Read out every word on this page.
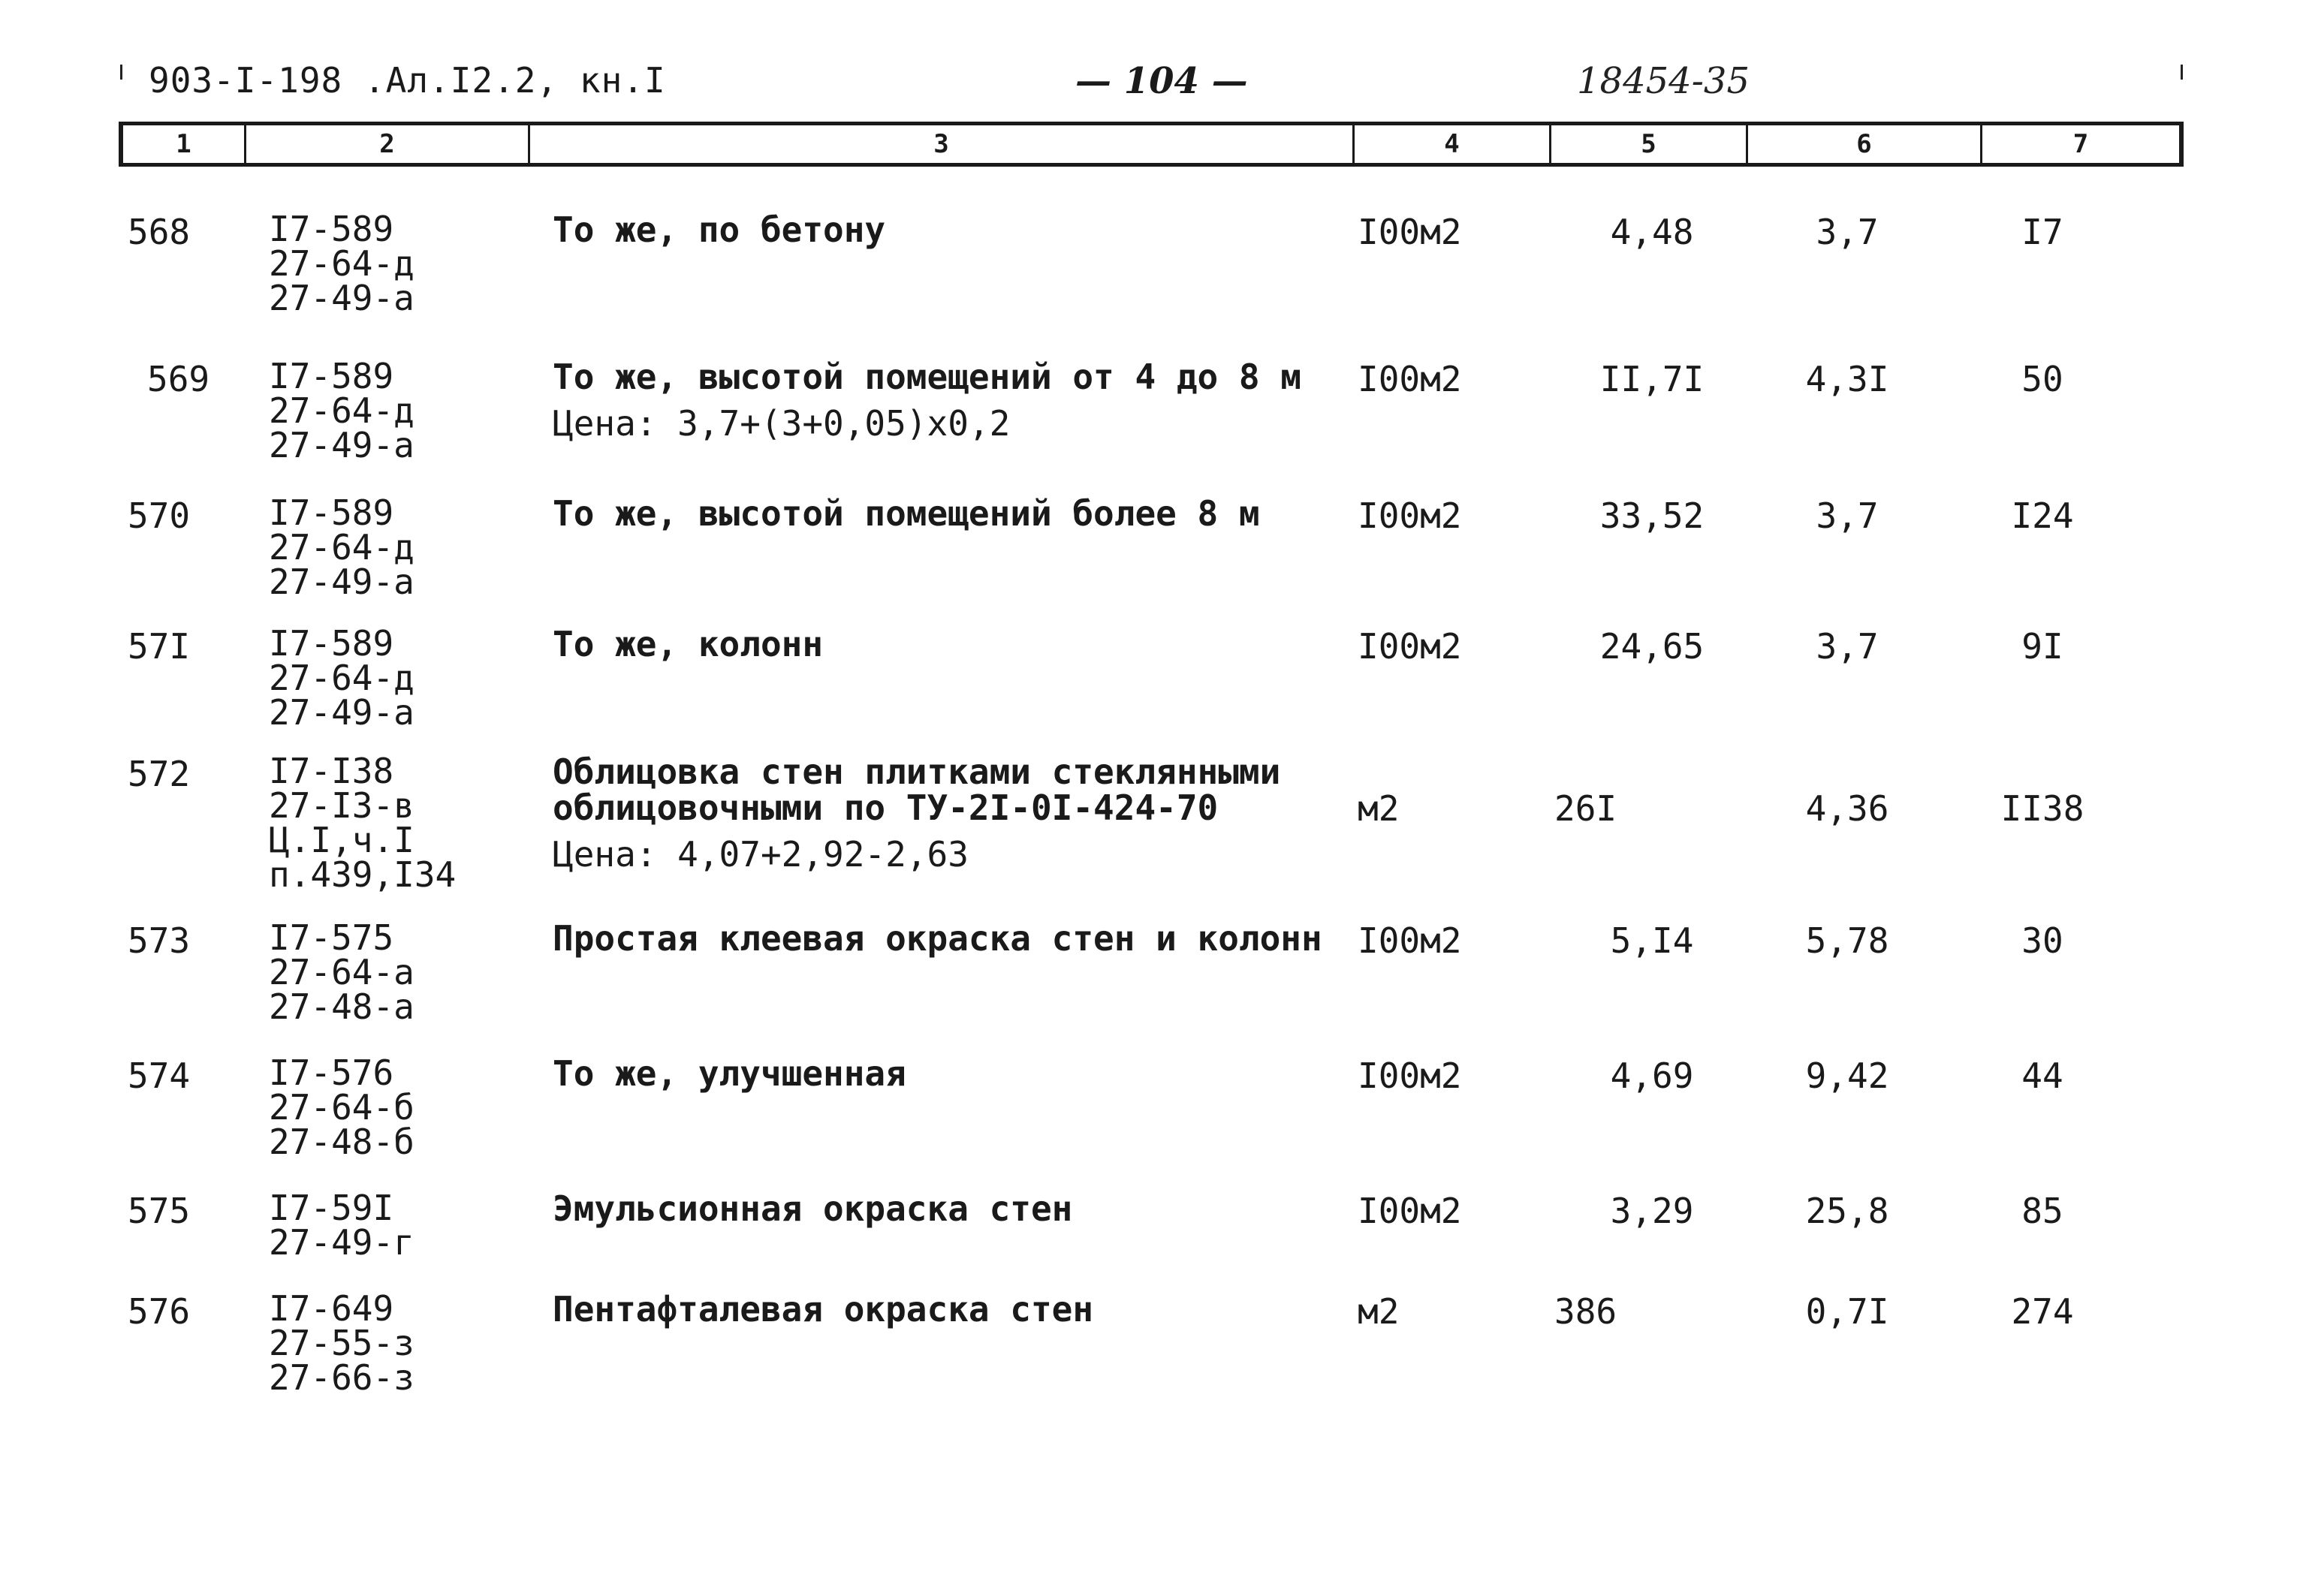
903-I-198 .Ал.I2.2, кн.I	— 104 —	18454-35
1	2	3	4	5	6	7
568 I7-589
27-64-д
27-49-а
То же, по бетону	I00м2	4,48	3,7	I7
569 I7-589
27-64-д
27-49-а
То же, высотой помещений от 4 до 8 м
Цена: 3,7+(3+0,05)x0,2
I00м2	II,7I	4,3I	50
570 I7-589
27-64-д
27-49-а
То же, высотой помещений более 8 м	I00м2	33,52	3,7	I24
57I I7-589
27-64-д
27-49-а
То же, колонн	I00м2	24,65	3,7	9I
572 I7-I38
27-I3-в
Ц.I,ч.I
п.439,I34
Облицовка стен плитками стеклянными облицовочными по ТУ-2I-0I-424-70
Цена: 4,07+2,92-2,63
м2	26I	4,36	II38
573 I7-575
27-64-а
27-48-а
Простая клеевая окраска стен и колонн I00м2	5,I4	5,78	30
574 I7-576
27-64-б
27-48-б
То же, улучшенная	I00м2	4,69	9,42	44
575 I7-59I
27-49-г
Эмульсионная окраска стен	I00м2	3,29	25,8	85
576 I7-649
27-55-з
27-66-з
Пентафталевая окраска стен	м2	386	0,7I	274
